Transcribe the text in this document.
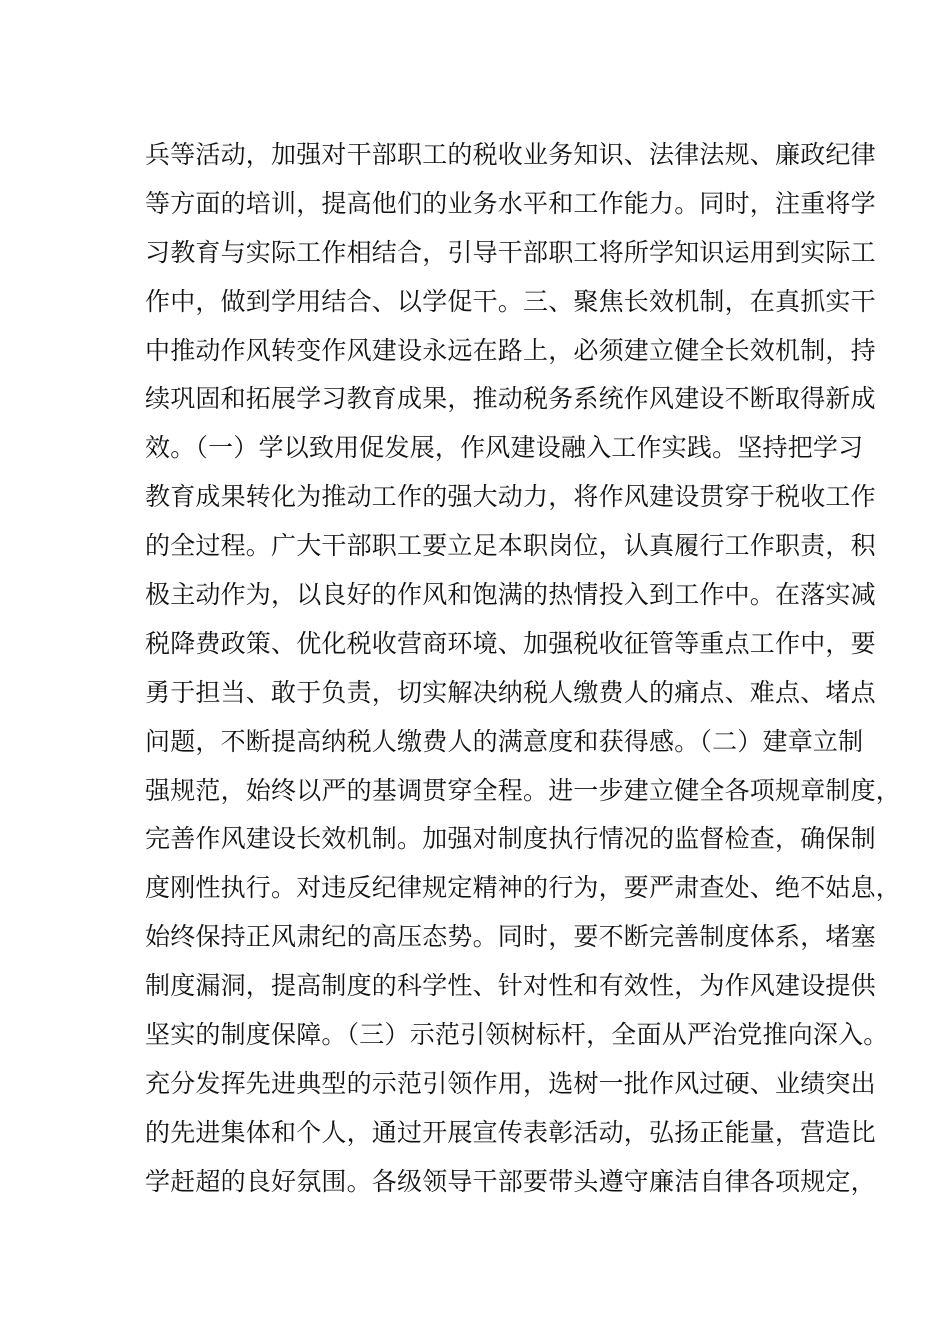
兵等活动，加强对干部职工的税收业务知识、法律法规、廉政纪律
等方面的培训，提高他们的业务水平和工作能力。同时，注重将学
习教育与实际工作相结合，引导干部职工将所学知识运用到实际工
作中，做到学用结合、以学促干。三、聚焦长效机制，在真抓实干
中推动作风转变作风建设永远在路上，必须建立健全长效机制，持
续巩固和拓展学习教育成果，推动税务系统作风建设不断取得新成
效。（一）学以致用促发展，作风建设融入工作实践。坚持把学习
教育成果转化为推动工作的强大动力，将作风建设贯穿于税收工作
的全过程。广大干部职工要立足本职岗位，认真履行工作职责，积
极主动作为，以良好的作风和饱满的热情投入到工作中。在落实减
税降费政策、优化税收营商环境、加强税收征管等重点工作中，要
勇于担当、敢于负责，切实解决纳税人缴费人的痛点、难点、堵点
问题，不断提高纳税人缴费人的满意度和获得感。（二）建章立制
强规范，始终以严的基调贯穿全程。进一步建立健全各项规章制度，
完善作风建设长效机制。加强对制度执行情况的监督检查，确保制
度刚性执行。对违反纪律规定精神的行为，要严肃查处、绝不姑息，
始终保持正风肃纪的高压态势。同时，要不断完善制度体系，堵塞
制度漏洞，提高制度的科学性、针对性和有效性，为作风建设提供
坚实的制度保障。（三）示范引领树标杆，全面从严治党推向深入。
充分发挥先进典型的示范引领作用，选树一批作风过硬、业绩突出
的先进集体和个人，通过开展宣传表彰活动，弘扬正能量，营造比
学赶超的良好氛围。各级领导干部要带头遵守廉洁自律各项规定，
